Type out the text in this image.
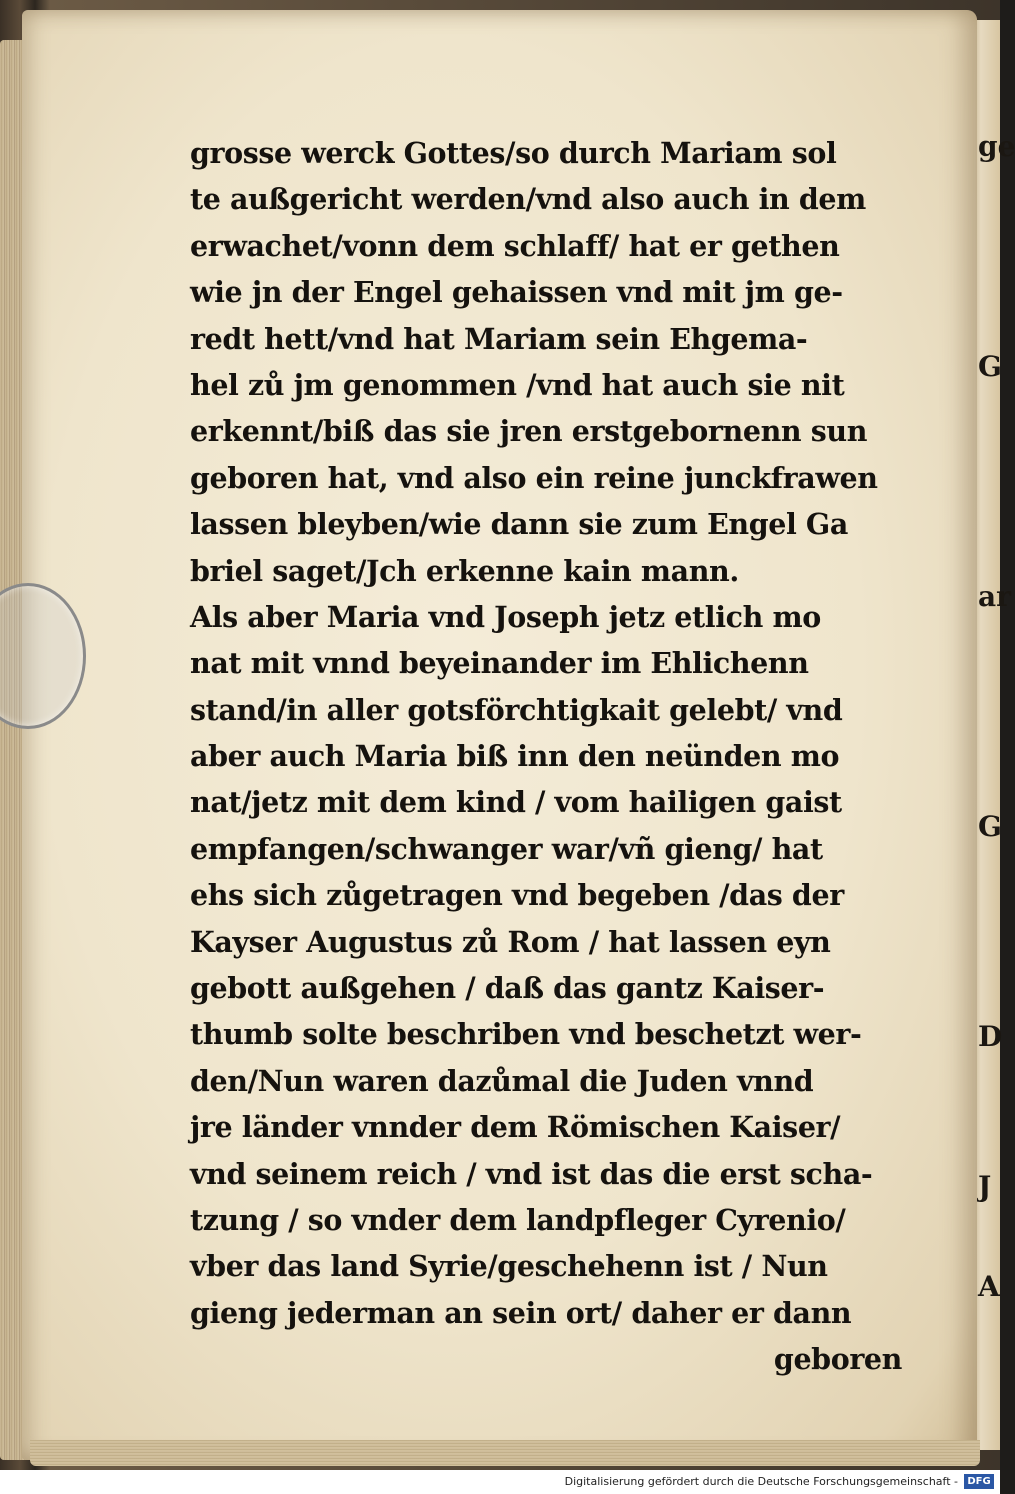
ge
G
ar
G
D
J
A
grosse werck Gottes/so durch Mariam sol
te außgericht werden/vnd also auch in dem
erwachet/vonn dem schlaff/ hat er gethen
wie jn der Engel gehaissen vnd mit jm ge-
redt hett/vnd hat Mariam sein Ehgema-
hel zů jm genommen /vnd hat auch sie nit
erkennt/biß das sie jren erstgebornenn sun
geboren hat, vnd also ein reine junckfrawen
lassen bleyben/wie dann sie zum Engel Ga
briel saget/Jch erkenne kain mann.
Als aber Maria vnd Joseph jetz etlich mo
nat mit vnnd beyeinander im Ehlichenn
stand/in aller gotsförchtigkait gelebt/ vnd
aber auch Maria biß inn den neünden mo
nat/jetz mit dem kind / vom hailigen gaist
empfangen/schwanger war/vñ gieng/ hat
ehs sich zůgetragen vnd begeben /das der
Kayser Augustus zů Rom / hat lassen eyn
gebott außgehen / daß das gantz Kaiser-
thumb solte beschriben vnd beschetzt wer-
den/Nun waren dazůmal die Juden vnnd
jre länder vnnder dem Römischen Kaiser/
vnd seinem reich / vnd ist das die erst scha-
tzung / so vnder dem landpfleger Cyrenio/
vber das land Syrie/geschehenn ist / Nun
gieng jederman an sein ort/ daher er dann
geboren
Digitalisierung gefördert durch die Deutsche Forschungsgemeinschaft - DFG
